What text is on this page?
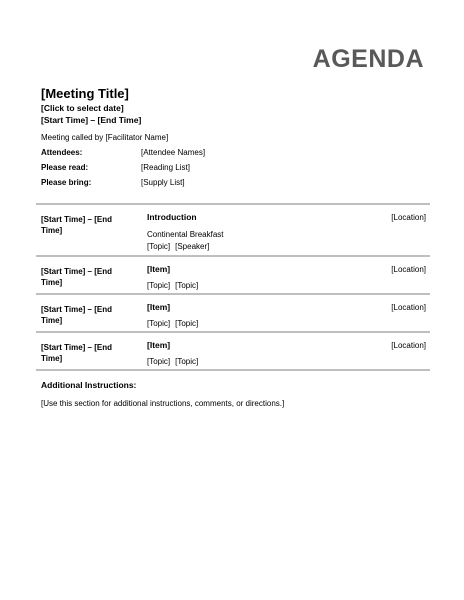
AGENDA
[Meeting Title]
[Click to select date]
[Start Time] – [End Time]
Meeting called by [Facilitator Name]
Attendees:	[Attendee Names]
Please read:	[Reading List]
Please bring:	[Supply List]
[Start Time] – [End Time]
Introduction	[Location]
Continental Breakfast
[Topic] [Speaker]
[Start Time] – [End Time]
[Item]	[Location]
[Topic] [Topic]
[Start Time] – [End Time]
[Item]	[Location]
[Topic] [Topic]
[Start Time] – [End Time]
[Item]	[Location]
[Topic] [Topic]
Additional Instructions:
[Use this section for additional instructions, comments, or directions.]
